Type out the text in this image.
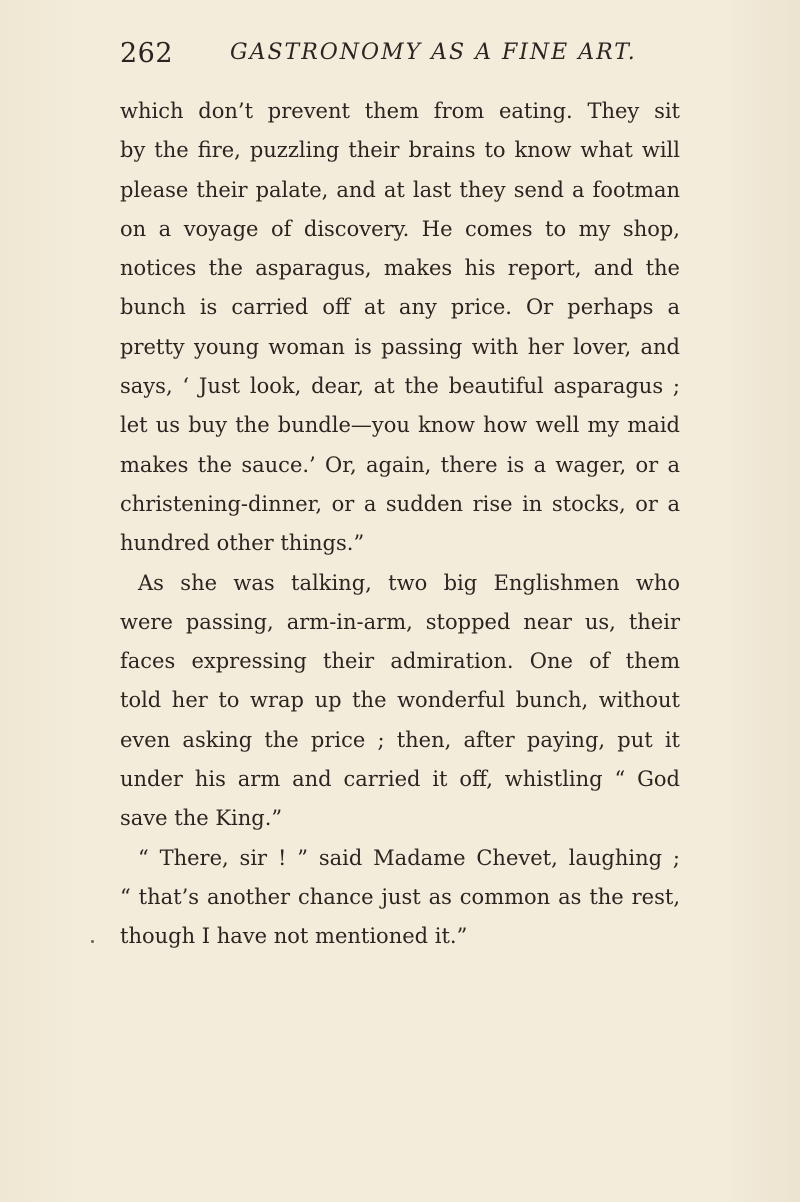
262	GASTRONOMY AS A FINE ART.
which don’t prevent them from eating. They sit
by the fire, puzzling their brains to know what will
please their palate, and at last they send a footman
on a voyage of discovery. He comes to my shop,
notices the asparagus, makes his report, and the
bunch is carried off at any price. Or perhaps a
pretty young woman is passing with her lover, and
says, ‘ Just look, dear, at the beautiful asparagus ;
let us buy the bundle—you know how well my maid
makes the sauce.’ Or, again, there is a wager, or a
christening-dinner, or a sudden rise in stocks, or a
hundred other things.”
As she was talking, two big Englishmen who
were passing, arm-in-arm, stopped near us, their
faces expressing their admiration. One of them
told her to wrap up the wonderful bunch, without
even asking the price ; then, after paying, put it
under his arm and carried it off, whistling “ God
save the King.”
“ There, sir ! ” said Madame Chevet, laughing ;
“ that’s another chance just as common as the rest,
though I have not mentioned it.”
